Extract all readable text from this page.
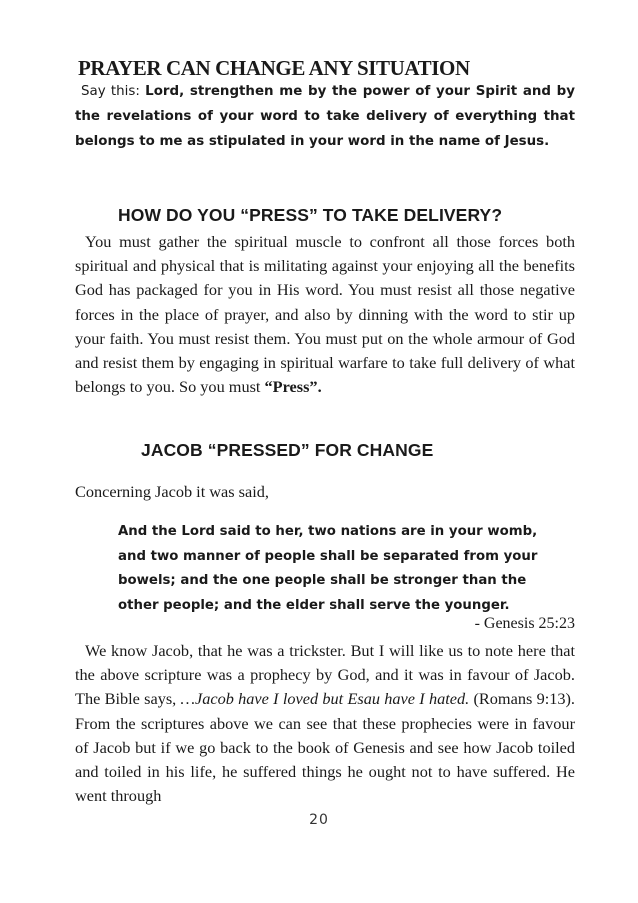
PRAYER CAN CHANGE ANY SITUATION

Say this: Lord, strengthen me by the power of your Spirit and by the revelations of your word to take delivery of everything that belongs to me as stipulated in your word in the name of Jesus.

HOW DO YOU “PRESS” TO TAKE DELIVERY?

You must gather the spiritual muscle to confront all those forces both spiritual and physical that is militating against your enjoying all the benefits God has packaged for you in His word. You must resist all those negative forces in the place of prayer, and also by dinning with the word to stir up your faith. You must resist them. You must put on the whole armour of God and resist them by engaging in spiritual warfare to take full delivery of what belongs to you. So you must “Press”.

JACOB “PRESSED” FOR CHANGE

Concerning Jacob it was said,

And the Lord said to her, two nations are in your womb, and two manner of people shall be separated from your bowels; and the one people shall be stronger than the other people; and the elder shall serve the younger.

- Genesis 25:23

We know Jacob, that he was a trickster. But I will like us to note here that the above scripture was a prophecy by God, and it was in favour of Jacob. The Bible says, …Jacob have I loved but Esau have I hated. (Romans 9:13). From the scriptures above we can see that these prophecies were in favour of Jacob but if we go back to the book of Genesis and see how Jacob toiled and toiled in his life, he suffered things he ought not to have suffered. He went through

20
